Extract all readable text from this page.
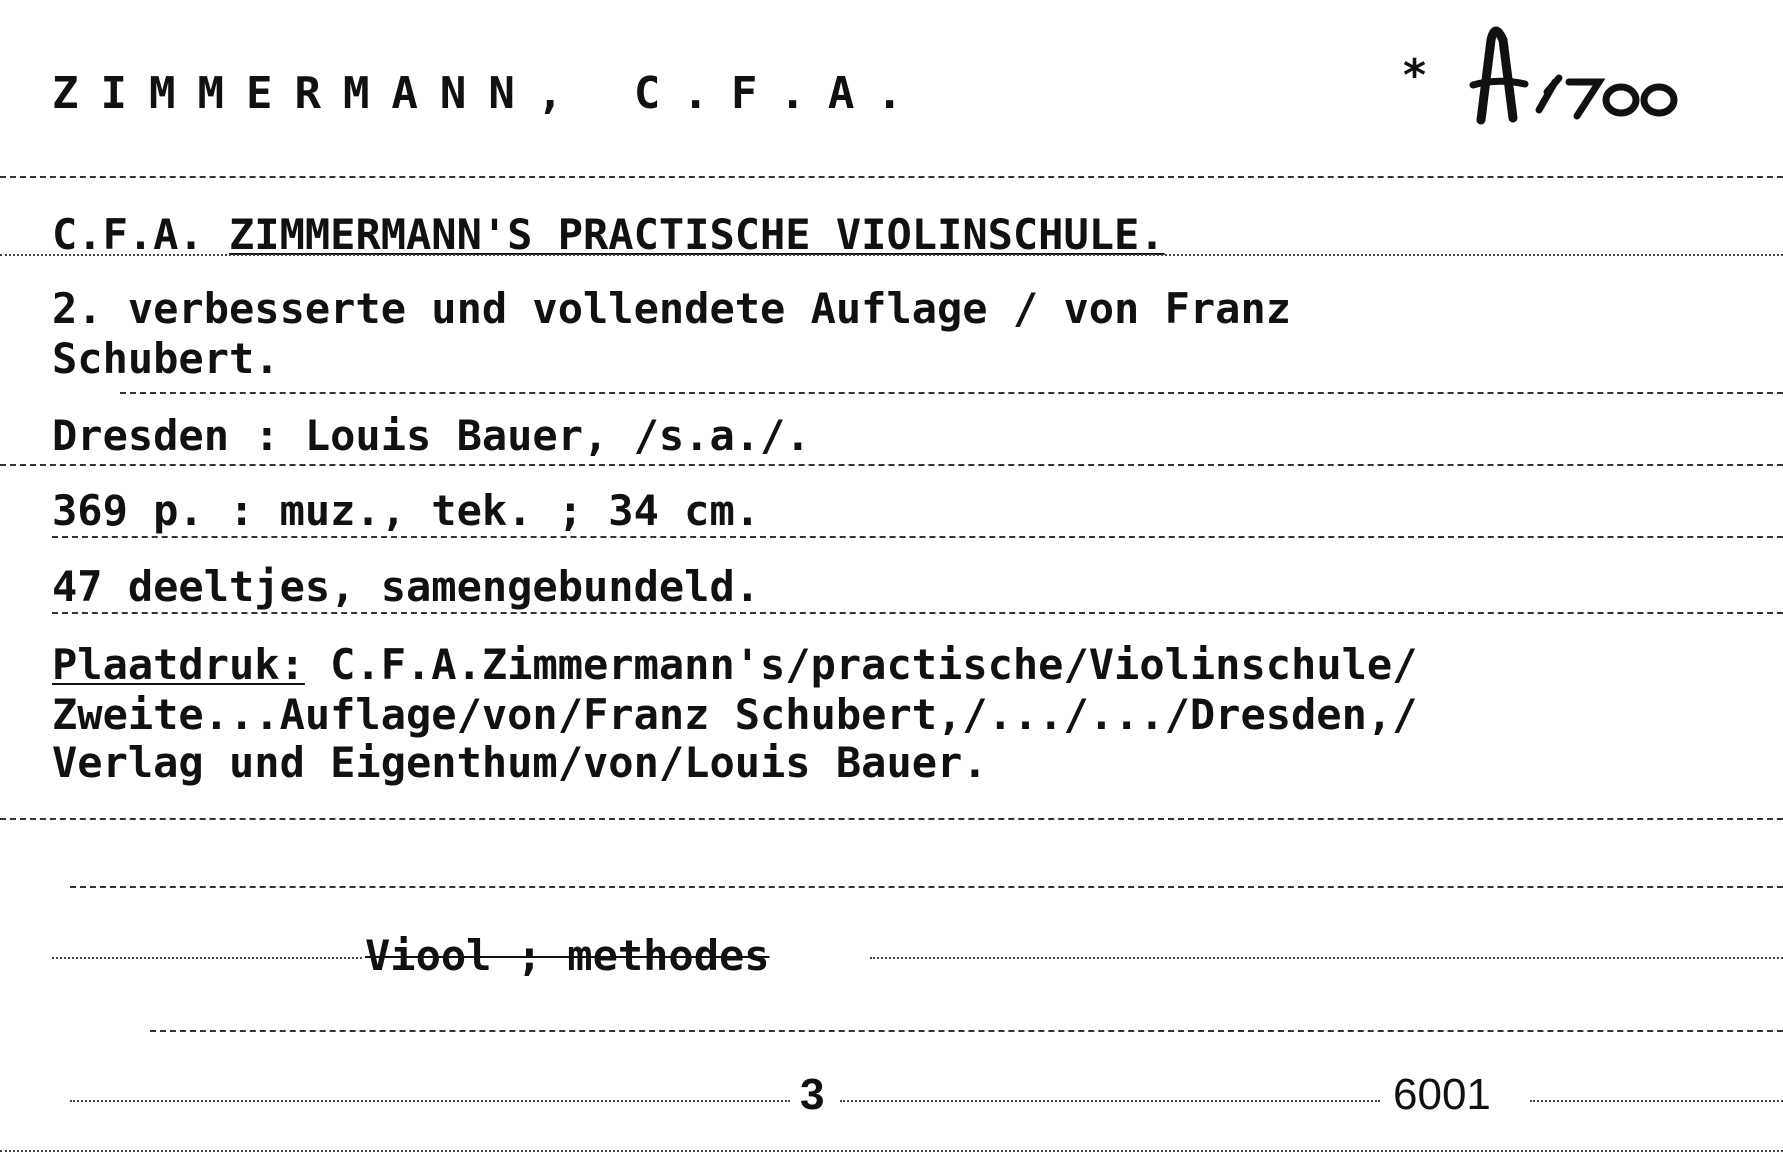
ZIMMERMANN, C.F.A.	*
C.F.A. ZIMMERMANN'S PRACTISCHE VIOLINSCHULE.
2. verbesserte und vollendete Auflage / von Franz
Schubert.
Dresden : Louis Bauer, /s.a./.
369 p. : muz., tek. ; 34 cm.
47 deeltjes, samengebundeld.
Plaatdruk: C.F.A.Zimmermann's/practische/Violinschule/
Zweite...Auflage/von/Franz Schubert,/.../.../Dresden,/
Verlag und Eigenthum/von/Louis Bauer.
Viool ; methodes
3	6001
